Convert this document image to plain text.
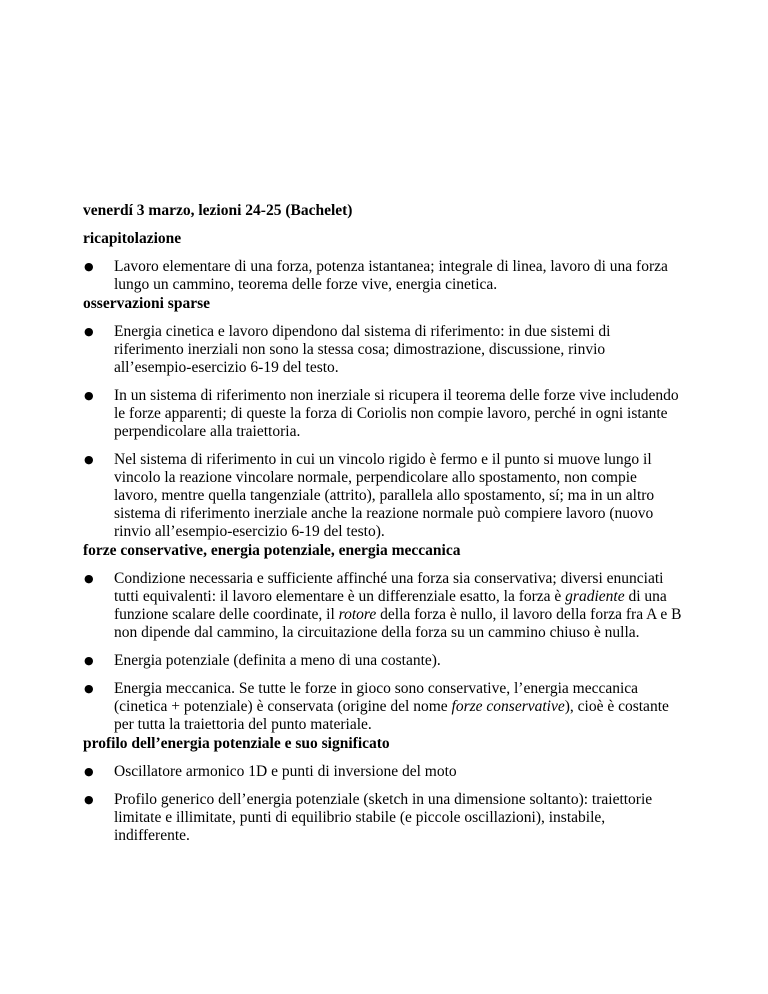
venerdí 3 marzo, lezioni 24-25 (Bachelet)
ricapitolazione
● Lavoro elementare di una forza, potenza istantanea; integrale di linea, lavoro di una forza lungo un cammino, teorema delle forze vive, energia cinetica.
osservazioni sparse
● Energia cinetica e lavoro dipendono dal sistema di riferimento: in due sistemi di riferimento inerziali non sono la stessa cosa; dimostrazione, discussione, rinvio all’esempio-esercizio 6-19 del testo.
● In un sistema di riferimento non inerziale si ricupera il teorema delle forze vive includendo le forze apparenti; di queste la forza di Coriolis non compie lavoro, perché in ogni istante perpendicolare alla traiettoria.
● Nel sistema di riferimento in cui un vincolo rigido è fermo e il punto si muove lungo il vincolo la reazione vincolare normale, perpendicolare allo spostamento, non compie lavoro, mentre quella tangenziale (attrito), parallela allo spostamento, sí; ma in un altro sistema di riferimento inerziale anche la reazione normale può compiere lavoro (nuovo rinvio all’esempio-esercizio 6-19 del testo).
forze conservative, energia potenziale, energia meccanica
● Condizione necessaria e sufficiente affinché una forza sia conservativa; diversi enunciati tutti equivalenti: il lavoro elementare è un differenziale esatto, la forza è gradiente di una funzione scalare delle coordinate, il rotore della forza è nullo, il lavoro della forza fra A e B non dipende dal cammino, la circuitazione della forza su un cammino chiuso è nulla.
● Energia potenziale (definita a meno di una costante).
● Energia meccanica. Se tutte le forze in gioco sono conservative, l’energia meccanica (cinetica + potenziale) è conservata (origine del nome forze conservative), cioè è costante per tutta la traiettoria del punto materiale.
profilo dell’energia potenziale e suo significato
● Oscillatore armonico 1D e punti di inversione del moto
● Profilo generico dell’energia potenziale (sketch in una dimensione soltanto): traiettorie limitate e illimitate, punti di equilibrio stabile (e piccole oscillazioni), instabile, indifferente.
